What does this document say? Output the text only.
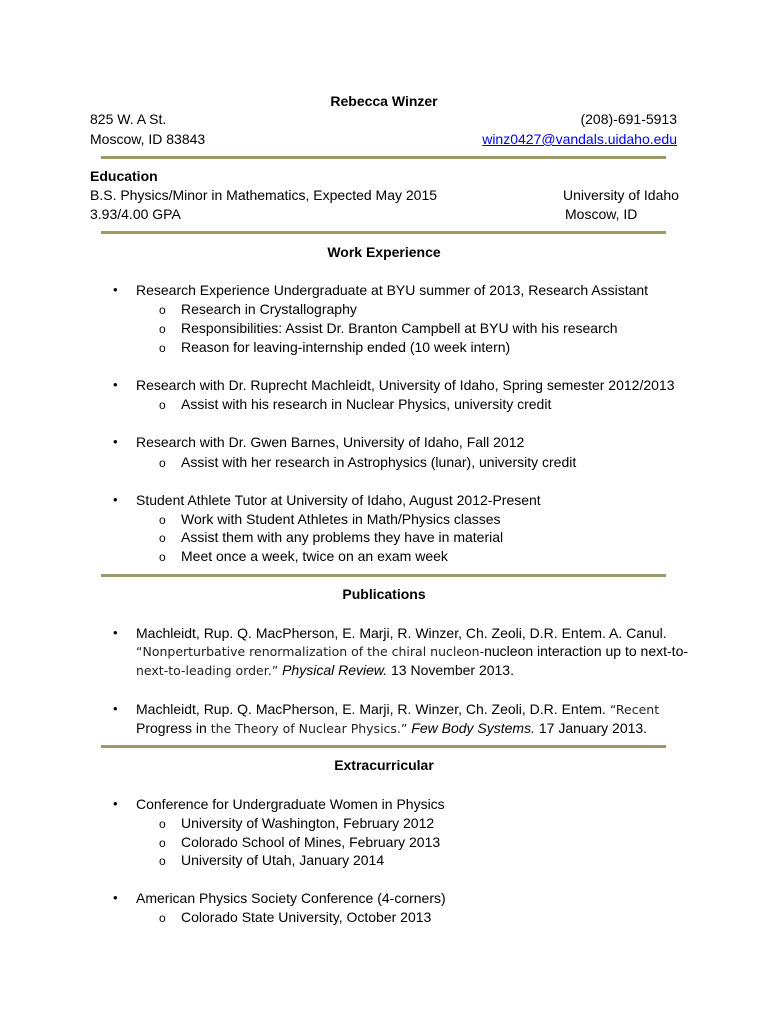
Rebecca Winzer
825 W. A St.	(208)-691-5913
Moscow, ID 83843	winz0427@vandals.uidaho.edu
Education
B.S. Physics/Minor in Mathematics, Expected May 2015	University of Idaho
3.93/4.00 GPA	Moscow, ID
Work Experience
• Research Experience Undergraduate at BYU summer of 2013, Research Assistant
o Research in Crystallography
o Responsibilities: Assist Dr. Branton Campbell at BYU with his research
o Reason for leaving-internship ended (10 week intern)
• Research with Dr. Ruprecht Machleidt, University of Idaho, Spring semester 2012/2013
o Assist with his research in Nuclear Physics, university credit
• Research with Dr. Gwen Barnes, University of Idaho, Fall 2012
o Assist with her research in Astrophysics (lunar), university credit
• Student Athlete Tutor at University of Idaho, August 2012-Present
o Work with Student Athletes in Math/Physics classes
o Assist them with any problems they have in material
o Meet once a week, twice on an exam week
Publications
• Machleidt, Rup. Q. MacPherson, E. Marji, R. Winzer, Ch. Zeoli, D.R. Entem. A. Canul.
“Nonperturbative renormalization of the chiral nucleon-nucleon interaction up to next-to-
next-to-leading order.” Physical Review. 13 November 2013.
• Machleidt, Rup. Q. MacPherson, E. Marji, R. Winzer, Ch. Zeoli, D.R. Entem. “Recent
Progress in the Theory of Nuclear Physics.” Few Body Systems. 17 January 2013.
Extracurricular
• Conference for Undergraduate Women in Physics
o University of Washington, February 2012
o Colorado School of Mines, February 2013
o University of Utah, January 2014
• American Physics Society Conference (4-corners)
o Colorado State University, October 2013
